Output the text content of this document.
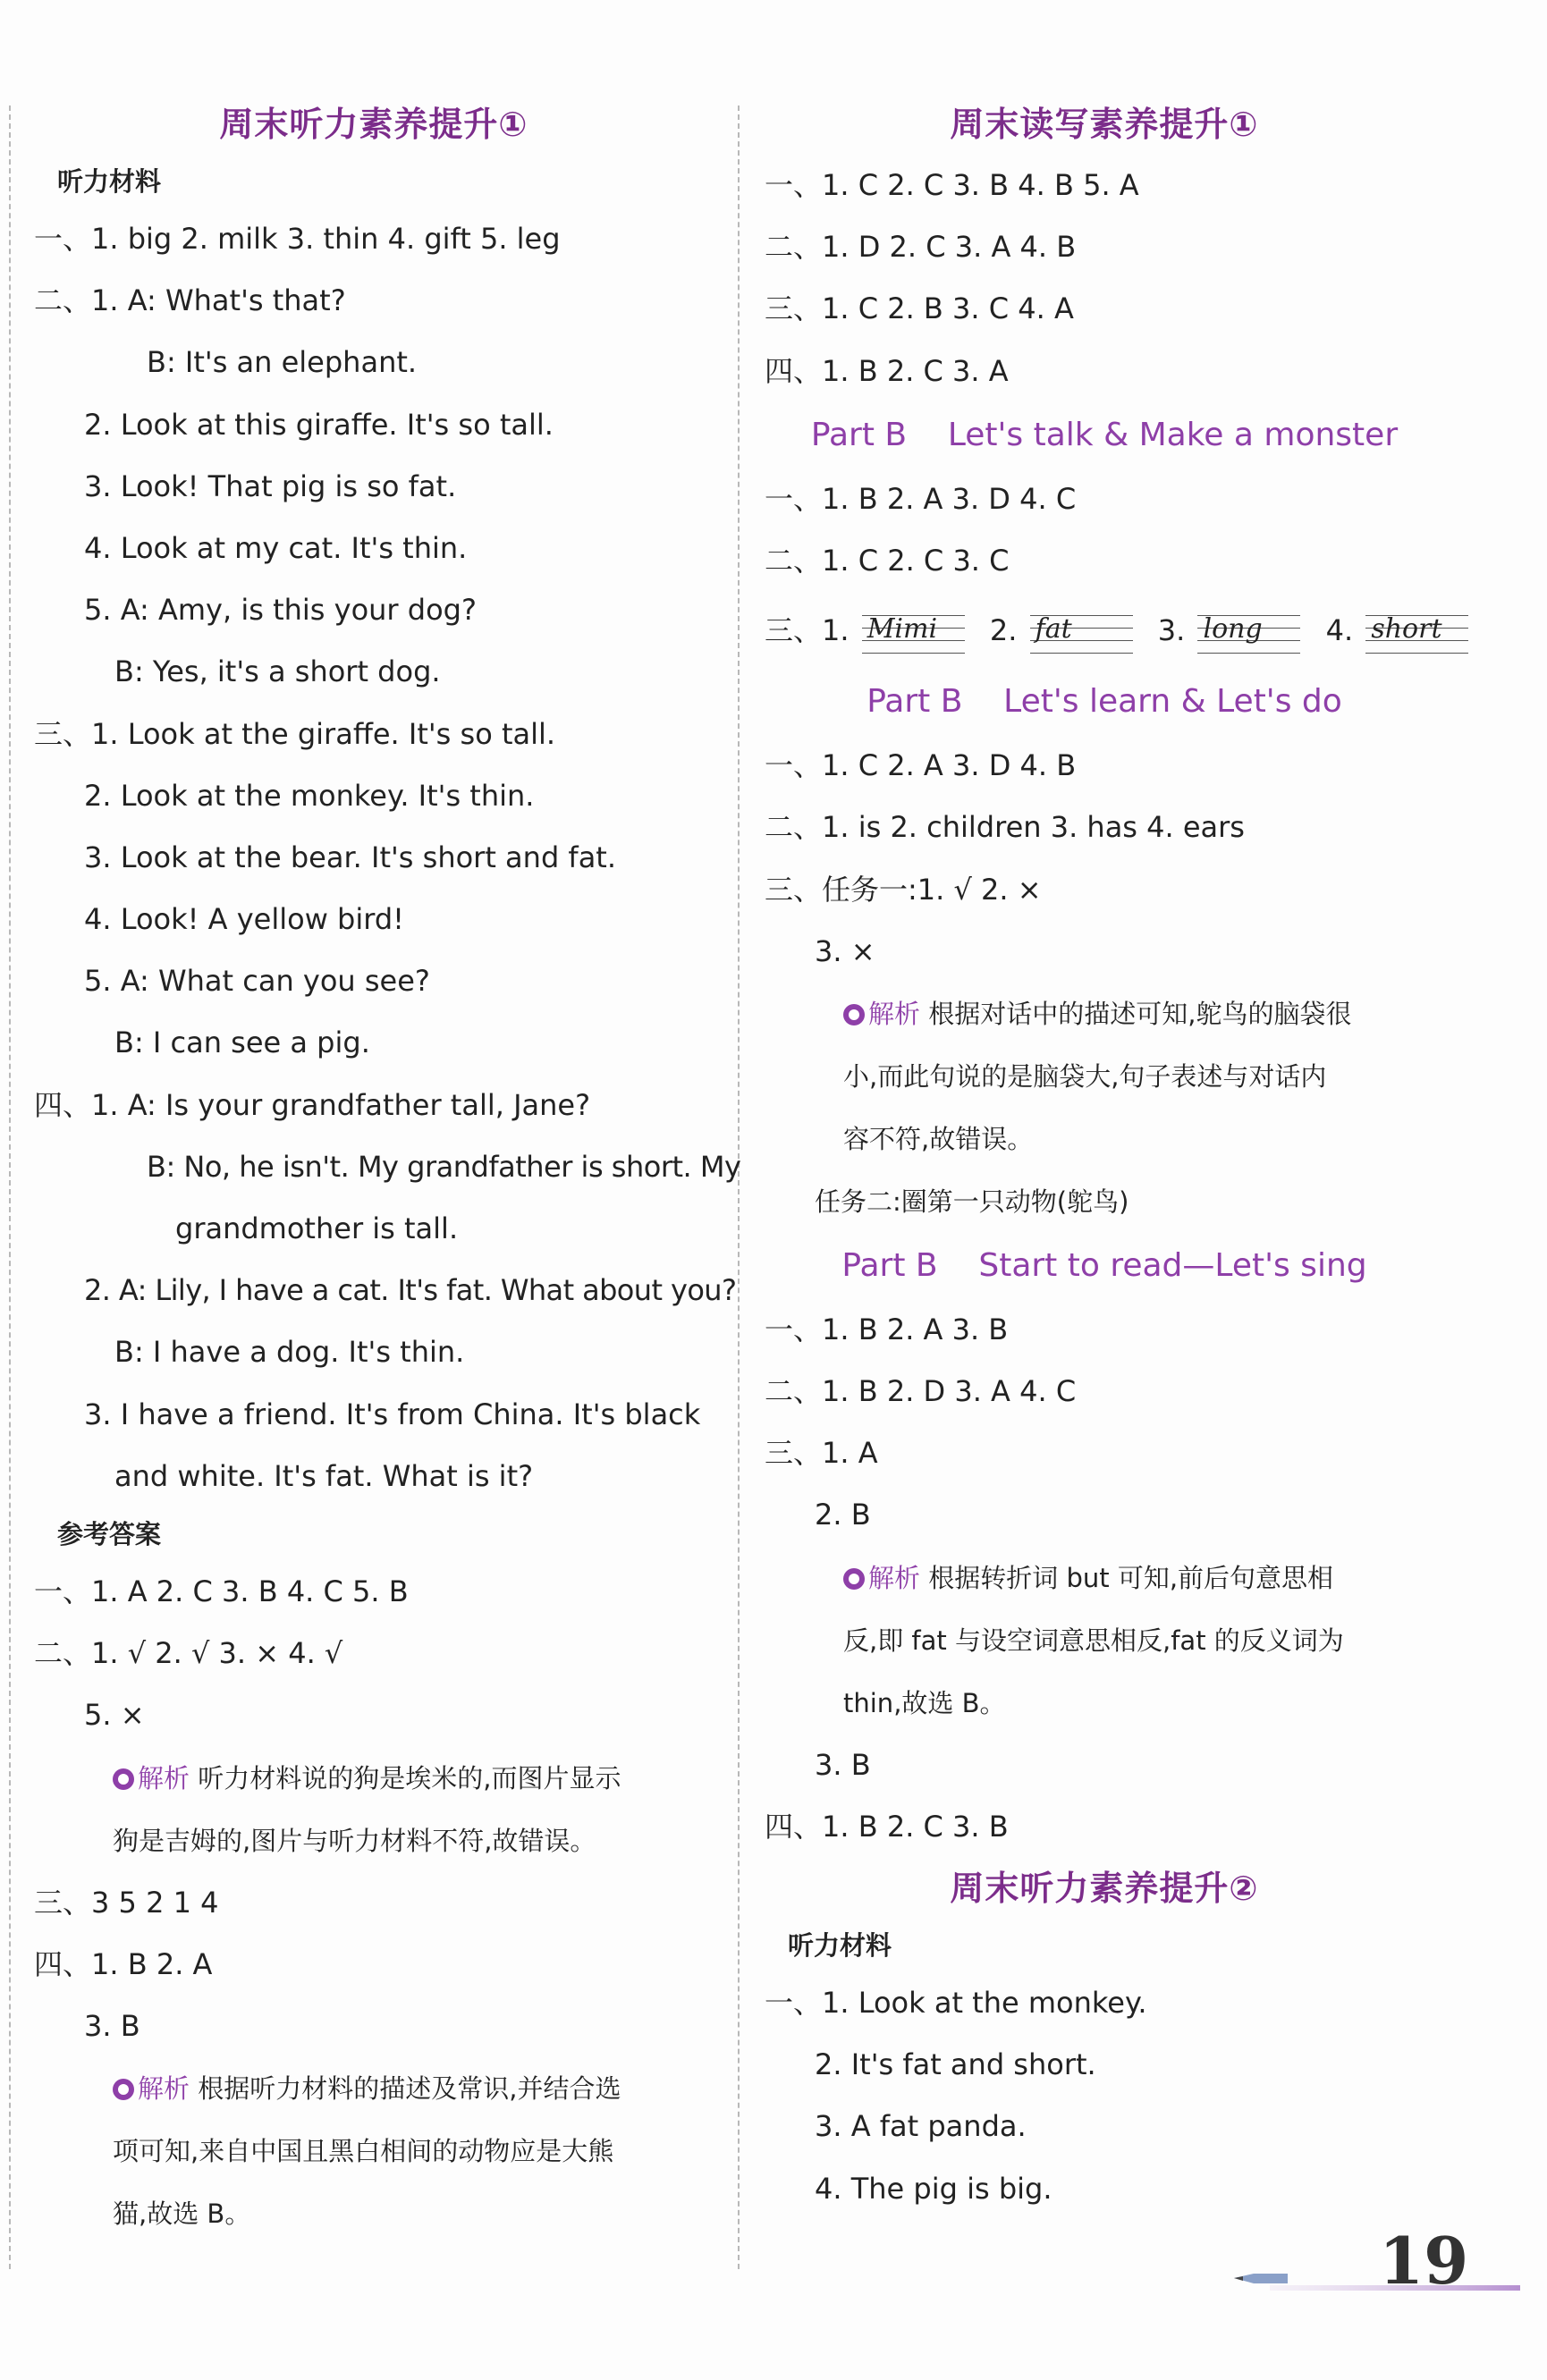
周末听力素养提升①
听力材料
一、1. big 2. milk 3. thin 4. gift 5. leg
二、1. A: What's that?
B: It's an elephant.
2. Look at this giraffe. It's so tall.
3. Look! That pig is so fat.
4. Look at my cat. It's thin.
5. A: Amy, is this your dog?
B: Yes, it's a short dog.
三、1. Look at the giraffe. It's so tall.
2. Look at the monkey. It's thin.
3. Look at the bear. It's short and fat.
4. Look! A yellow bird!
5. A: What can you see?
B: I can see a pig.
四、1. A: Is your grandfather tall, Jane?
B: No, he isn't. My grandfather is short. My
grandmother is tall.
2. A: Lily, I have a cat. It's fat. What about you?
B: I have a dog. It's thin.
3. I have a friend. It's from China. It's black
and white. It's fat. What is it?
参考答案
一、1. A 2. C 3. B 4. C 5. B
二、1. √ 2. √ 3. × 4. √
5. ×
解析 听力材料说的狗是埃米的,而图片显示
狗是吉姆的,图片与听力材料不符,故错误。
三、3 5 2 1 4
四、1. B 2. A
3. B
解析 根据听力材料的描述及常识,并结合选
项可知,来自中国且黑白相间的动物应是大熊
猫,故选 B。
周末读写素养提升①
一、1. C 2. C 3. B 4. B 5. A
二、1. D 2. C 3. A 4. B
三、1. C 2. B 3. C 4. A
四、1. B 2. C 3. A
Part B    Let's talk & Make a monster
一、1. B 2. A 3. D 4. C
二、1. C 2. C 3. C
三、1. Mimi 2. fat	3. long 4. short
Part B    Let's learn & Let's do
一、1. C 2. A 3. D 4. B
二、1. is 2. children 3. has 4. ears
三、任务一:1. √ 2. ×
3. ×
解析 根据对话中的描述可知,鸵鸟的脑袋很
小,而此句说的是脑袋大,句子表述与对话内
容不符,故错误。
任务二:圈第一只动物(鸵鸟)
Part B    Start to read—Let's sing
一、1. B 2. A 3. B
二、1. B 2. D 3. A 4. C
三、1. A
2. B
解析 根据转折词 but 可知,前后句意思相
反,即 fat 与设空词意思相反,fat 的反义词为
thin,故选 B。
3. B
四、1. B 2. C 3. B
周末听力素养提升②
听力材料
一、1. Look at the monkey.
2. It's fat and short.
3. A fat panda.
4. The pig is big.
19
